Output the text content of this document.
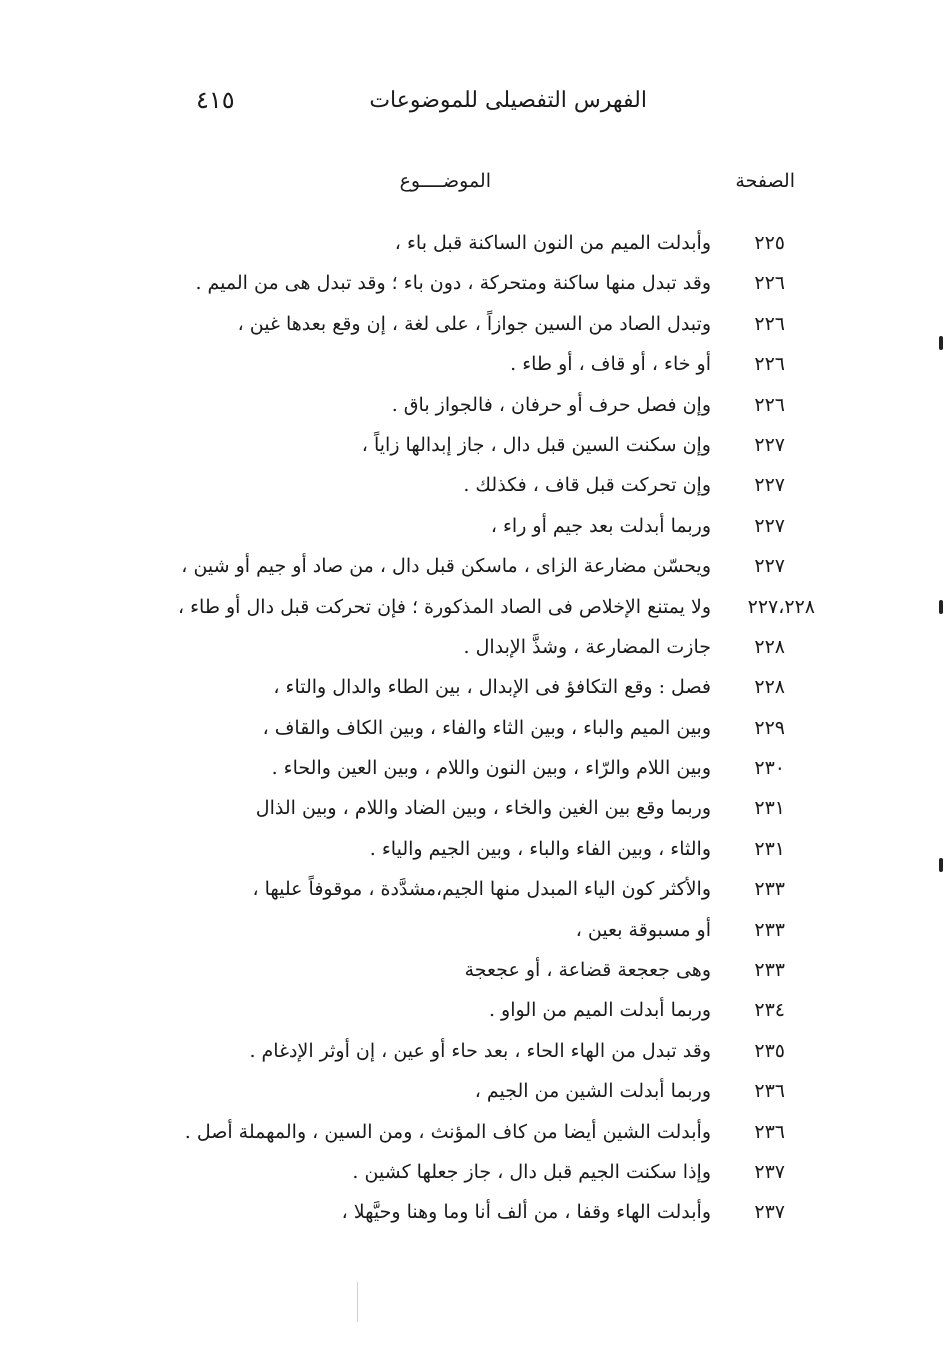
الفهرس التفصيلى للموضوعات
٤١٥
الصفحة
الموضــــوع
٢٢٥
وأبدلت الميم من النون الساكنة قبل باء ،
٢٢٦
وقد تبدل منها ساكنة ومتحركة ، دون باء ؛ وقد تبدل هى من الميم .
٢٢٦
وتبدل الصاد من السين جوازاً ، على لغة ، إن وقع بعدها غين ،
٢٢٦
أو خاء ، أو قاف ، أو طاء .
٢٢٦
وإن فصل حرف أو حرفان ، فالجواز باق .
٢٢٧
وإن سكنت السين قبل دال ، جاز إبدالها زاياً ،
٢٢٧
وإن تحركت قبل قاف ، فكذلك .
٢٢٧
وربما أبدلت بعد جيم أو راء ،
٢٢٧
ويحسّن مضارعة الزاى ، ماسكن قبل دال ، من صاد أو جيم أو شين ،
٢٢٧،٢٢٨
ولا يمتنع الإخلاص فى الصاد المذكورة ؛ فإن تحركت قبل دال أو طاء ،
٢٢٨
جازت المضارعة ، وشذَّ الإبدال .
٢٢٨
فصل : وقع التكافؤ فى الإبدال ، بين الطاء والدال والتاء ،
٢٢٩
وبين الميم والباء ، وبين الثاء والفاء ، وبين الكاف والقاف ،
٢٣٠
وبين اللام والرّاء ، وبين النون واللام ، وبين العين والحاء .
٢٣١
وربما وقع بين الغين والخاء ، وبين الضاد واللام ، وبين الذال
٢٣١
والثاء ، وبين الفاء والباء ، وبين الجيم والياء .
٢٣٣
والأكثر كون الياء المبدل منها الجيم،مشدَّدة ، موقوفاً عليها ،
٢٣٣
أو مسبوقة بعين ،
٢٣٣
وهى جعجعة قضاعة ، أو عجعجة
٢٣٤
وربما أبدلت الميم من الواو .
٢٣٥
وقد تبدل من الهاء الحاء ، بعد حاء أو عين ، إن أوثر الإدغام .
٢٣٦
وربما أبدلت الشين من الجيم ،
٢٣٦
وأبدلت الشين أيضا من كاف المؤنث ، ومن السين ، والمهملة أصل .
٢٣٧
وإذا سكنت الجيم قبل دال ، جاز جعلها كشين .
٢٣٧
وأبدلت الهاء وقفا ، من ألف أنا وما وهنا وحيَّهلا ،
